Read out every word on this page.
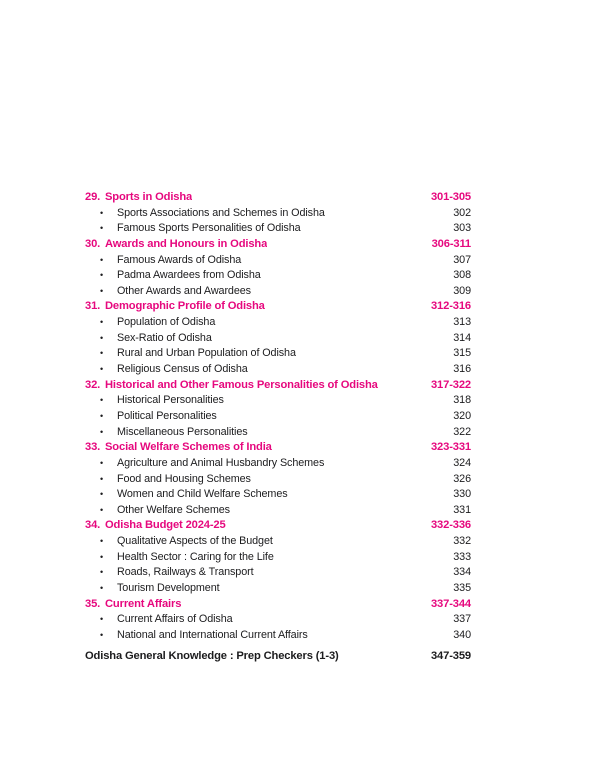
29. Sports in Odisha	301-305
•	Sports Associations and Schemes in Odisha	302
•	Famous Sports Personalities of Odisha	303
30. Awards and Honours in Odisha	306-311
•	Famous Awards of Odisha	307
•	Padma Awardees from Odisha	308
•	Other Awards and Awardees	309
31. Demographic Profile of Odisha	312-316
•	Population of Odisha	313
•	Sex-Ratio of Odisha	314
•	Rural and Urban Population of Odisha	315
•	Religious Census of Odisha	316
32. Historical and Other Famous Personalities of Odisha	317-322
•	Historical Personalities	318
•	Political Personalities	320
•	Miscellaneous Personalities	322
33. Social Welfare Schemes of India	323-331
•	Agriculture and Animal Husbandry Schemes	324
•	Food and Housing Schemes	326
•	Women and Child Welfare Schemes	330
•	Other Welfare Schemes	331
34. Odisha Budget 2024-25	332-336
•	Qualitative Aspects of the Budget	332
•	Health Sector : Caring for the Life	333
•	Roads, Railways & Transport	334
•	Tourism Development	335
35. Current Affairs	337-344
•	Current Affairs of Odisha	337
•	National and International Current Affairs	340
Odisha General Knowledge : Prep Checkers (1-3)	347-359
